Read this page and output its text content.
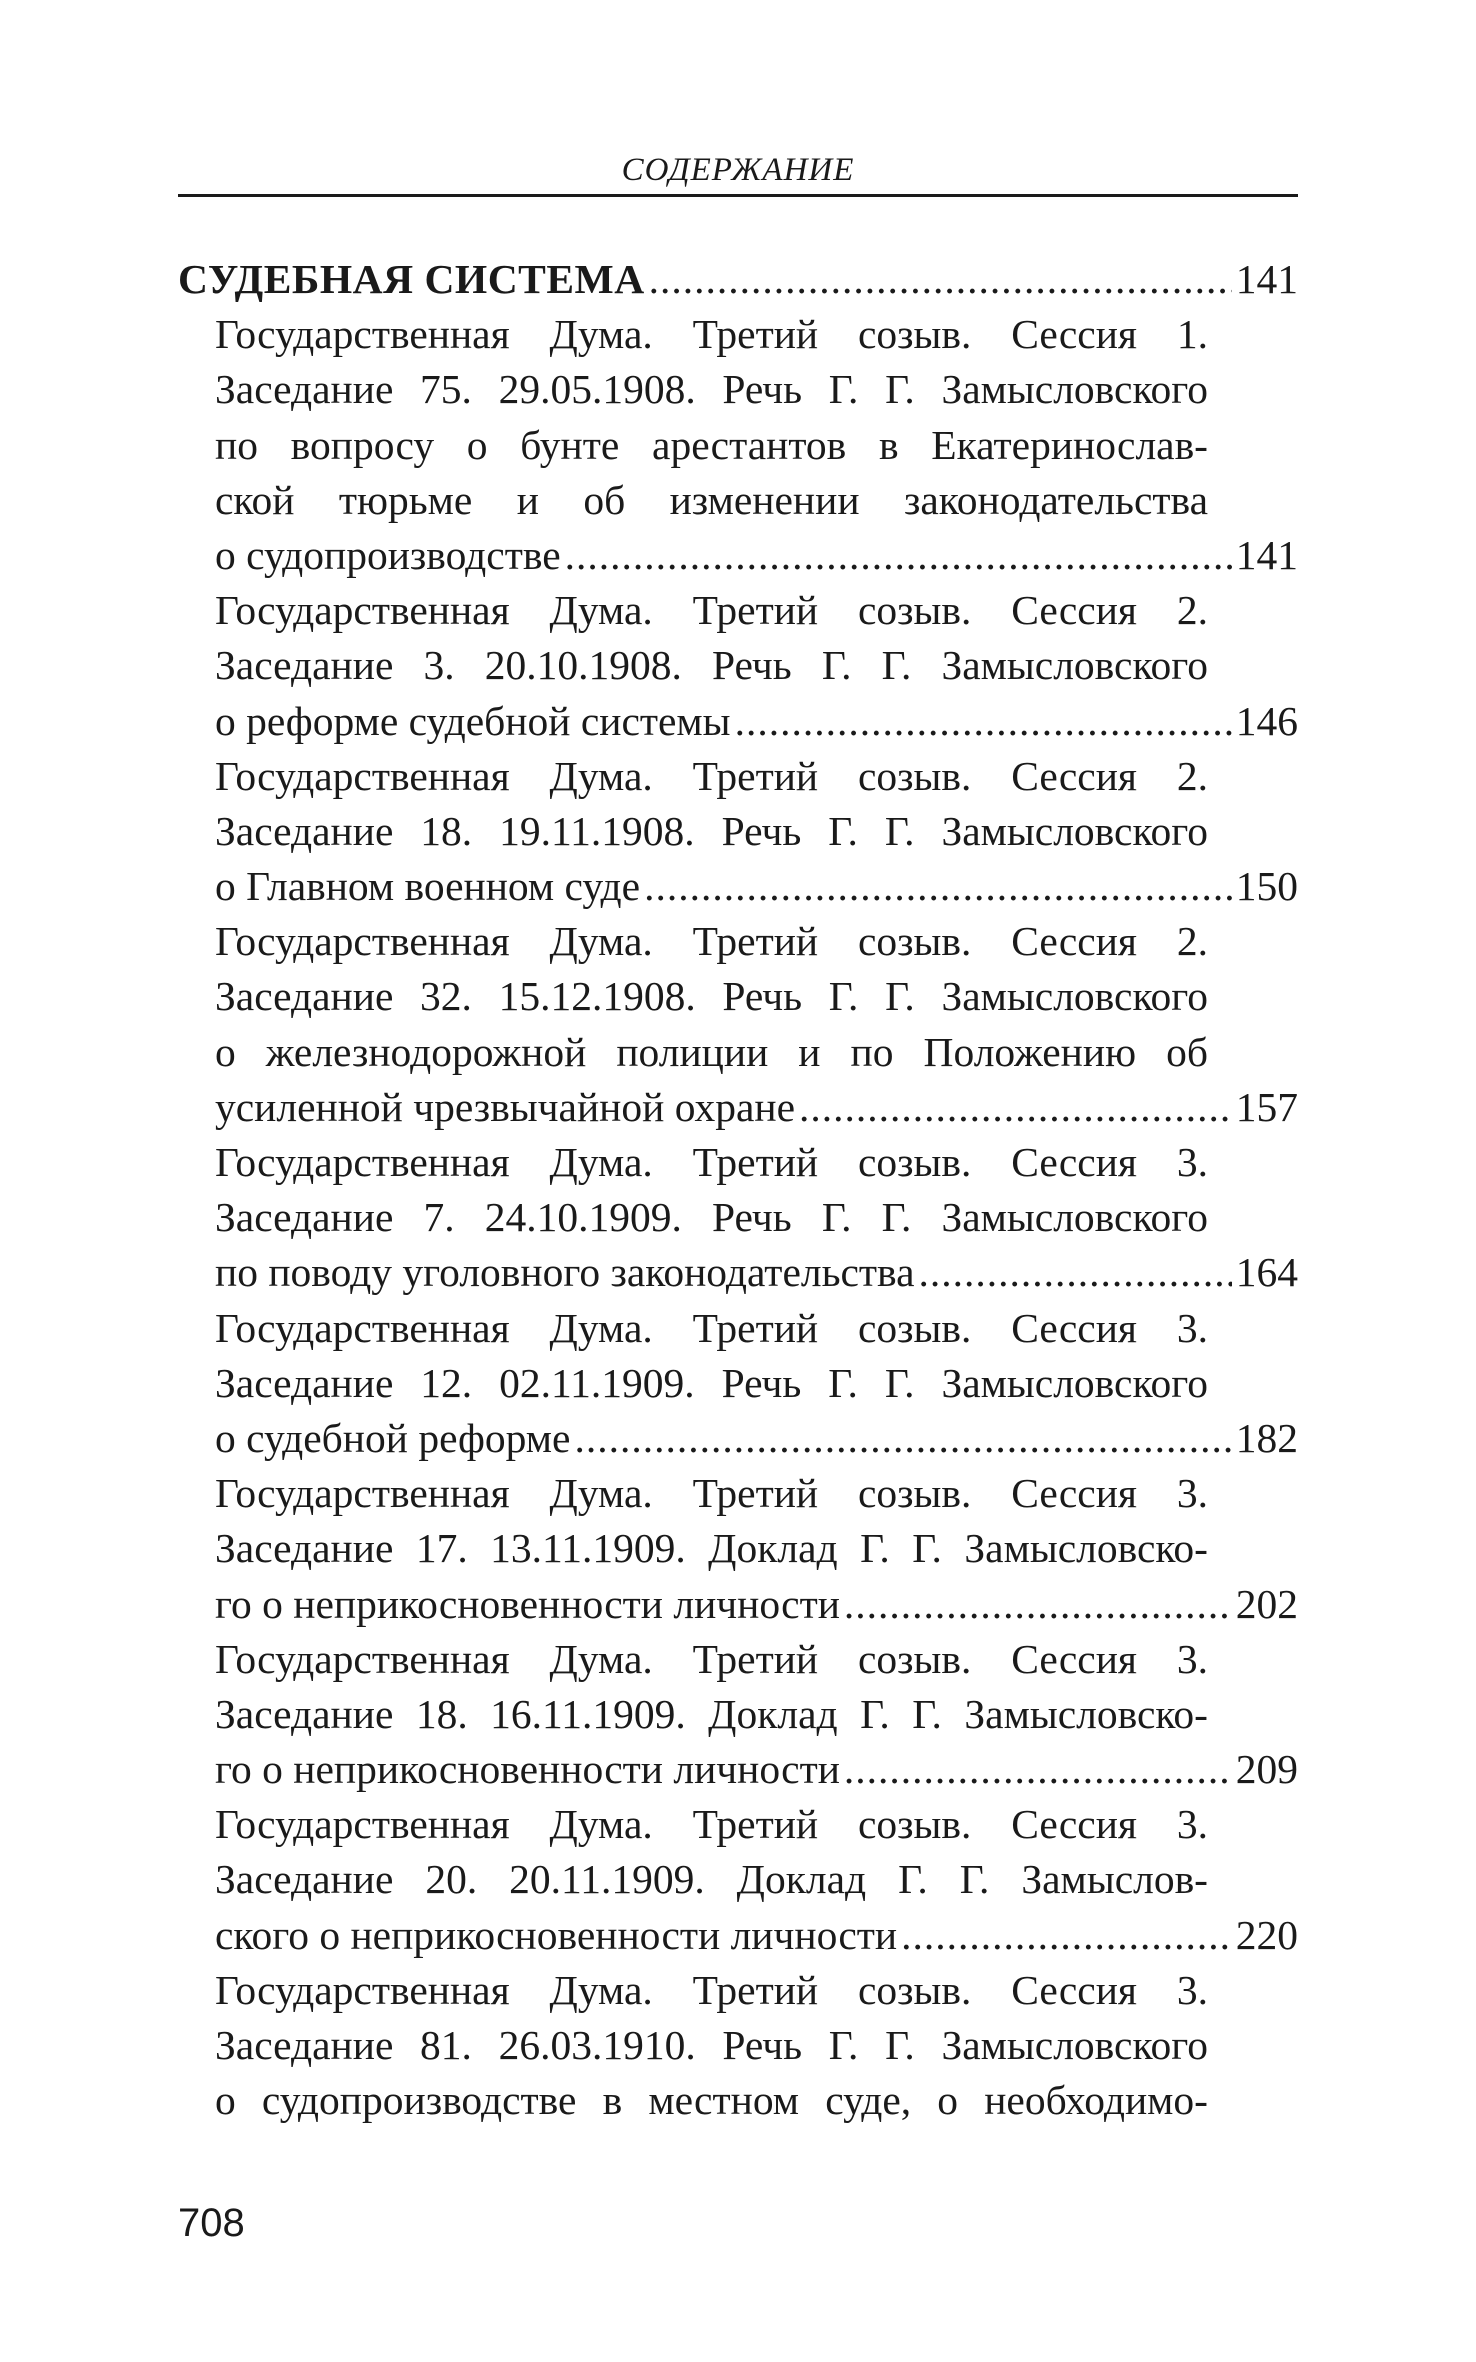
СОДЕРЖАНИЕ
СУДЕБНАЯ СИСТЕМА .....	141
Государственная Дума. Третий созыв. Сессия 1.
Заседание 75. 29.05.1908. Речь Г. Г. Замысловского
по вопросу о бунте арестантов в Екатеринослав-
ской тюрьме и об изменении законодательства
о судопроизводстве .....	141
Государственная Дума. Третий созыв. Сессия 2.
Заседание 3. 20.10.1908. Речь Г. Г. Замысловского
о реформе судебной системы .....	146
Государственная Дума. Третий созыв. Сессия 2.
Заседание 18. 19.11.1908. Речь Г. Г. Замысловского
о Главном военном суде .....	150
Государственная Дума. Третий созыв. Сессия 2.
Заседание 32. 15.12.1908. Речь Г. Г. Замысловского
о железнодорожной полиции и по Положению об
усиленной чрезвычайной охране .....	157
Государственная Дума. Третий созыв. Сессия 3.
Заседание 7. 24.10.1909. Речь Г. Г. Замысловского
по поводу уголовного законодательства .....	164
Государственная Дума. Третий созыв. Сессия 3.
Заседание 12. 02.11.1909. Речь Г. Г. Замысловского
о судебной реформе .....	182
Государственная Дума. Третий созыв. Сессия 3.
Заседание 17. 13.11.1909. Доклад Г. Г. Замысловско-
го о неприкосновенности личности .....	202
Государственная Дума. Третий созыв. Сессия 3.
Заседание 18. 16.11.1909. Доклад Г. Г. Замысловско-
го о неприкосновенности личности .....	209
Государственная Дума. Третий созыв. Сессия 3.
Заседание 20. 20.11.1909. Доклад Г. Г. Замыслов-
ского о неприкосновенности личности .....	220
Государственная Дума. Третий созыв. Сессия 3.
Заседание 81. 26.03.1910. Речь Г. Г. Замысловского
о судопроизводстве в местном суде, о необходимо-
708
